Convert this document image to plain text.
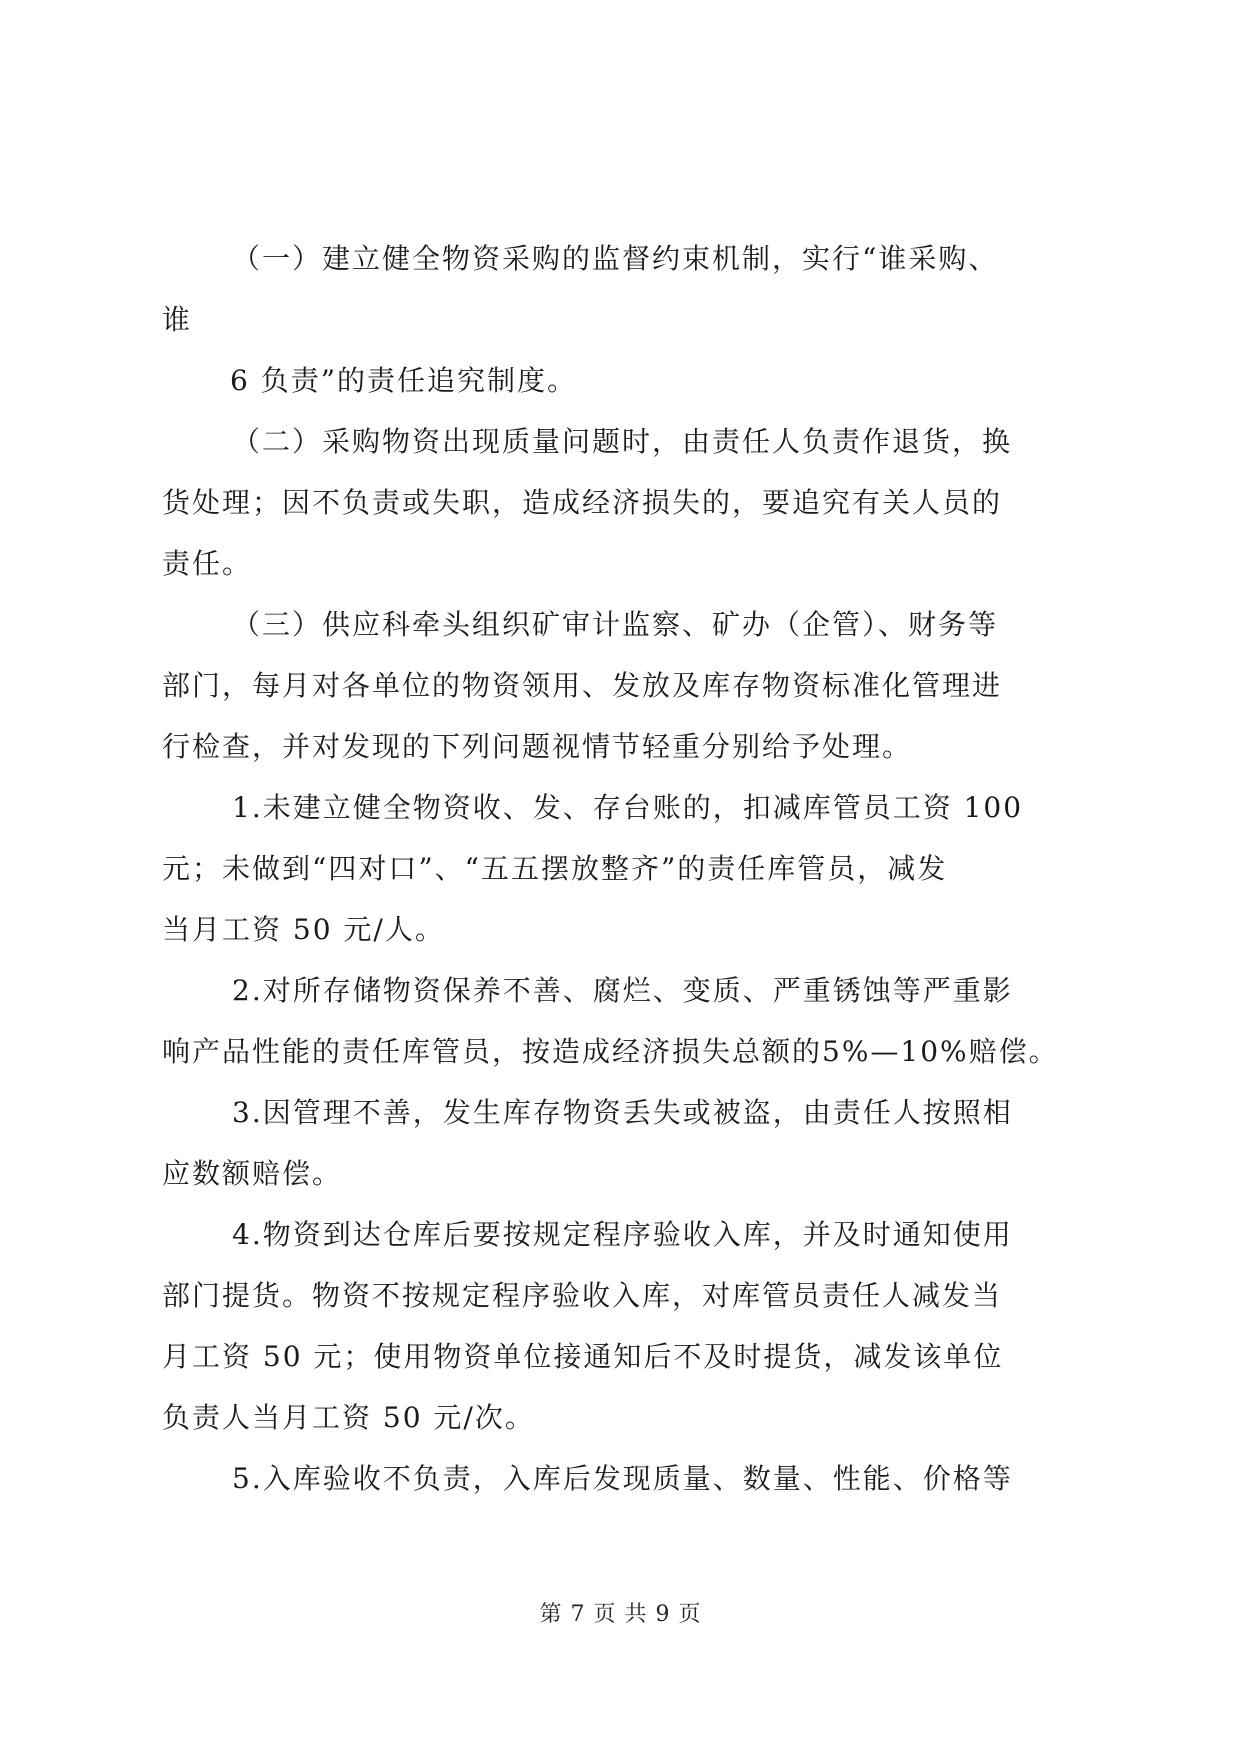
（一）建立健全物资采购的监督约束机制，实行“谁采购、
谁
6 负责”的责任追究制度。
（二）采购物资出现质量问题时，由责任人负责作退货，换
货处理；因不负责或失职，造成经济损失的，要追究有关人员的
责任。
（三）供应科牵头组织矿审计监察、矿办（企管）、财务等
部门，每月对各单位的物资领用、发放及库存物资标准化管理进
行检查，并对发现的下列问题视情节轻重分别给予处理。
1.未建立健全物资收、发、存台账的，扣减库管员工资 100
元；未做到“四对口”、“五五摆放整齐”的责任库管员，减发
当月工资 50 元/人。
2.对所存储物资保养不善、腐烂、变质、严重锈蚀等严重影
响产品性能的责任库管员，按造成经济损失总额的5%—10%赔偿。
3.因管理不善，发生库存物资丢失或被盗，由责任人按照相
应数额赔偿。
4.物资到达仓库后要按规定程序验收入库，并及时通知使用
部门提货。物资不按规定程序验收入库，对库管员责任人减发当
月工资 50 元；使用物资单位接通知后不及时提货，减发该单位
负责人当月工资 50 元/次。
5.入库验收不负责，入库后发现质量、数量、性能、价格等
第 7 页 共 9 页
